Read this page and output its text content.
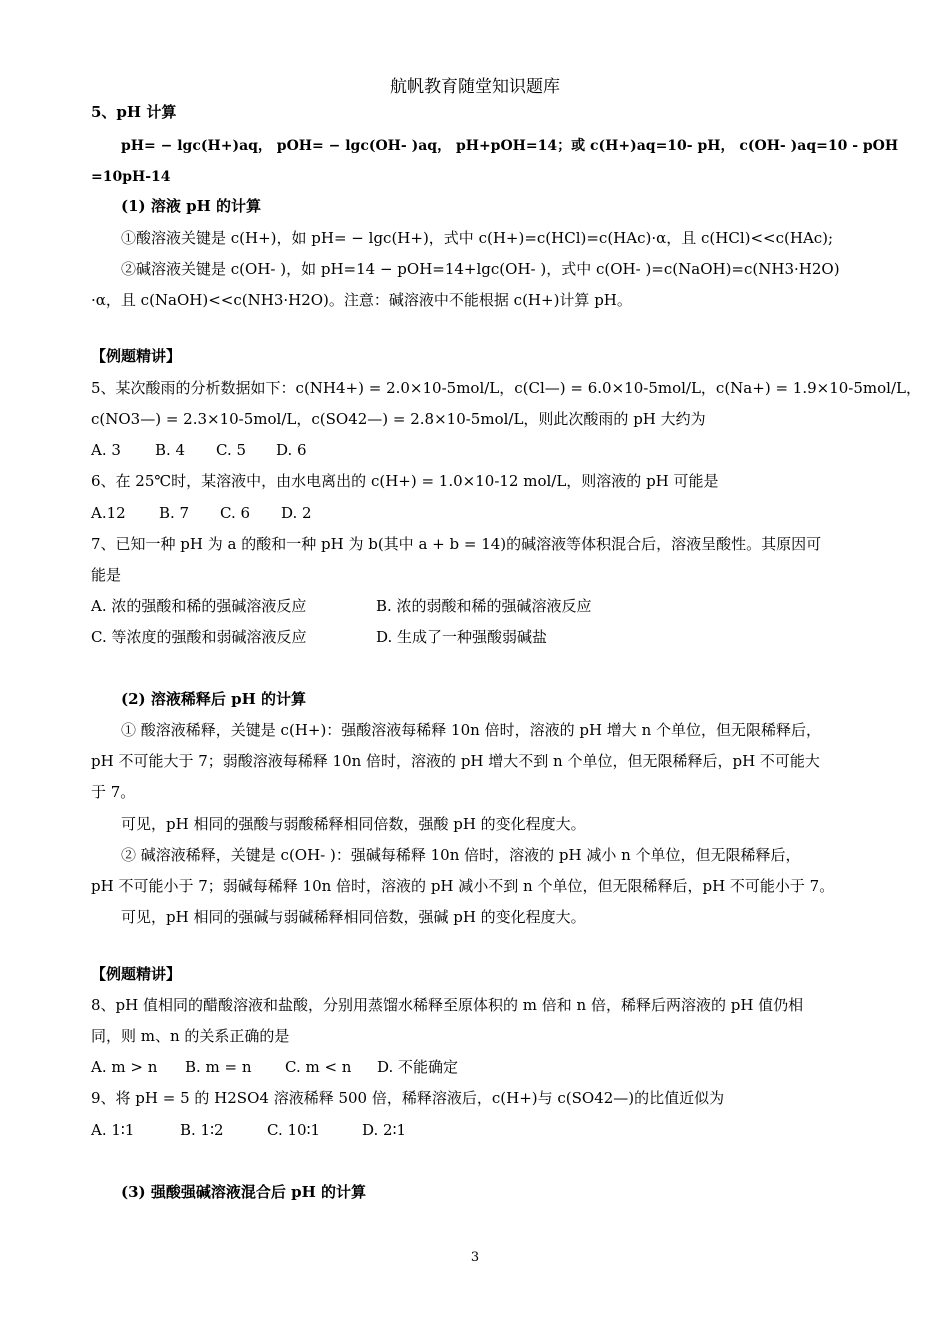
航帆教育随堂知识题库
5、pH 计算
pH= − lgc(H+)aq， pOH= − lgc(OH- )aq， pH+pOH=14；或 c(H+)aq=10- pH， c(OH- )aq=10 - pOH
=10pH-14
(1) 溶液 pH 的计算
①酸溶液关键是 c(H+)，如 pH= − lgc(H+)，式中 c(H+)=c(HCl)=c(HAc)·α，且 c(HCl)<<c(HAc);
②碱溶液关键是 c(OH- )，如 pH=14 − pOH=14+lgc(OH- )，式中 c(OH- )=c(NaOH)=c(NH3·H2O)
·α，且 c(NaOH)<<c(NH3·H2O)。注意：碱溶液中不能根据 c(H+)计算 pH。
【例题精讲】
5、某次酸雨的分析数据如下：c(NH4+) = 2.0×10-5mol/L，c(Cl—) = 6.0×10-5mol/L，c(Na+) = 1.9×10-5mol/L，
c(NO3—) = 2.3×10-5mol/L，c(SO42—) = 2.8×10-5mol/L，则此次酸雨的 pH 大约为
A. 3 B. 4 C. 5 D. 6
6、在 25℃时，某溶液中，由水电离出的 c(H+) = 1.0×10-12 mol/L，则溶液的 pH 可能是
A.12 B. 7 C. 6 D. 2
7、已知一种 pH 为 a 的酸和一种 pH 为 b(其中 a + b = 14)的碱溶液等体积混合后，溶液呈酸性。其原因可
能是
A. 浓的强酸和稀的强碱溶液反应	B. 浓的弱酸和稀的强碱溶液反应
C. 等浓度的强酸和弱碱溶液反应	D. 生成了一种强酸弱碱盐
(2) 溶液稀释后 pH 的计算
① 酸溶液稀释，关键是 c(H+)：强酸溶液每稀释 10n 倍时，溶液的 pH 增大 n 个单位，但无限稀释后，
pH 不可能大于 7；弱酸溶液每稀释 10n 倍时，溶液的 pH 增大不到 n 个单位，但无限稀释后，pH 不可能大
于 7。
可见，pH 相同的强酸与弱酸稀释相同倍数，强酸 pH 的变化程度大。
② 碱溶液稀释，关键是 c(OH- )：强碱每稀释 10n 倍时，溶液的 pH 减小 n 个单位，但无限稀释后，
pH 不可能小于 7；弱碱每稀释 10n 倍时，溶液的 pH 减小不到 n 个单位，但无限稀释后，pH 不可能小于 7。
可见，pH 相同的强碱与弱碱稀释相同倍数，强碱 pH 的变化程度大。
【例题精讲】
8、pH 值相同的醋酸溶液和盐酸，分别用蒸馏水稀释至原体积的 m 倍和 n 倍，稀释后两溶液的 pH 值仍相
同，则 m、n 的关系正确的是
A. m > n B. m = n C. m < n D. 不能确定
9、将 pH = 5 的 H2SO4 溶液稀释 500 倍，稀释溶液后，c(H+)与 c(SO42—)的比值近似为
A. 1∶1	B. 1∶2	C. 10∶1	D. 2∶1
(3) 强酸强碱溶液混合后 pH 的计算
3
